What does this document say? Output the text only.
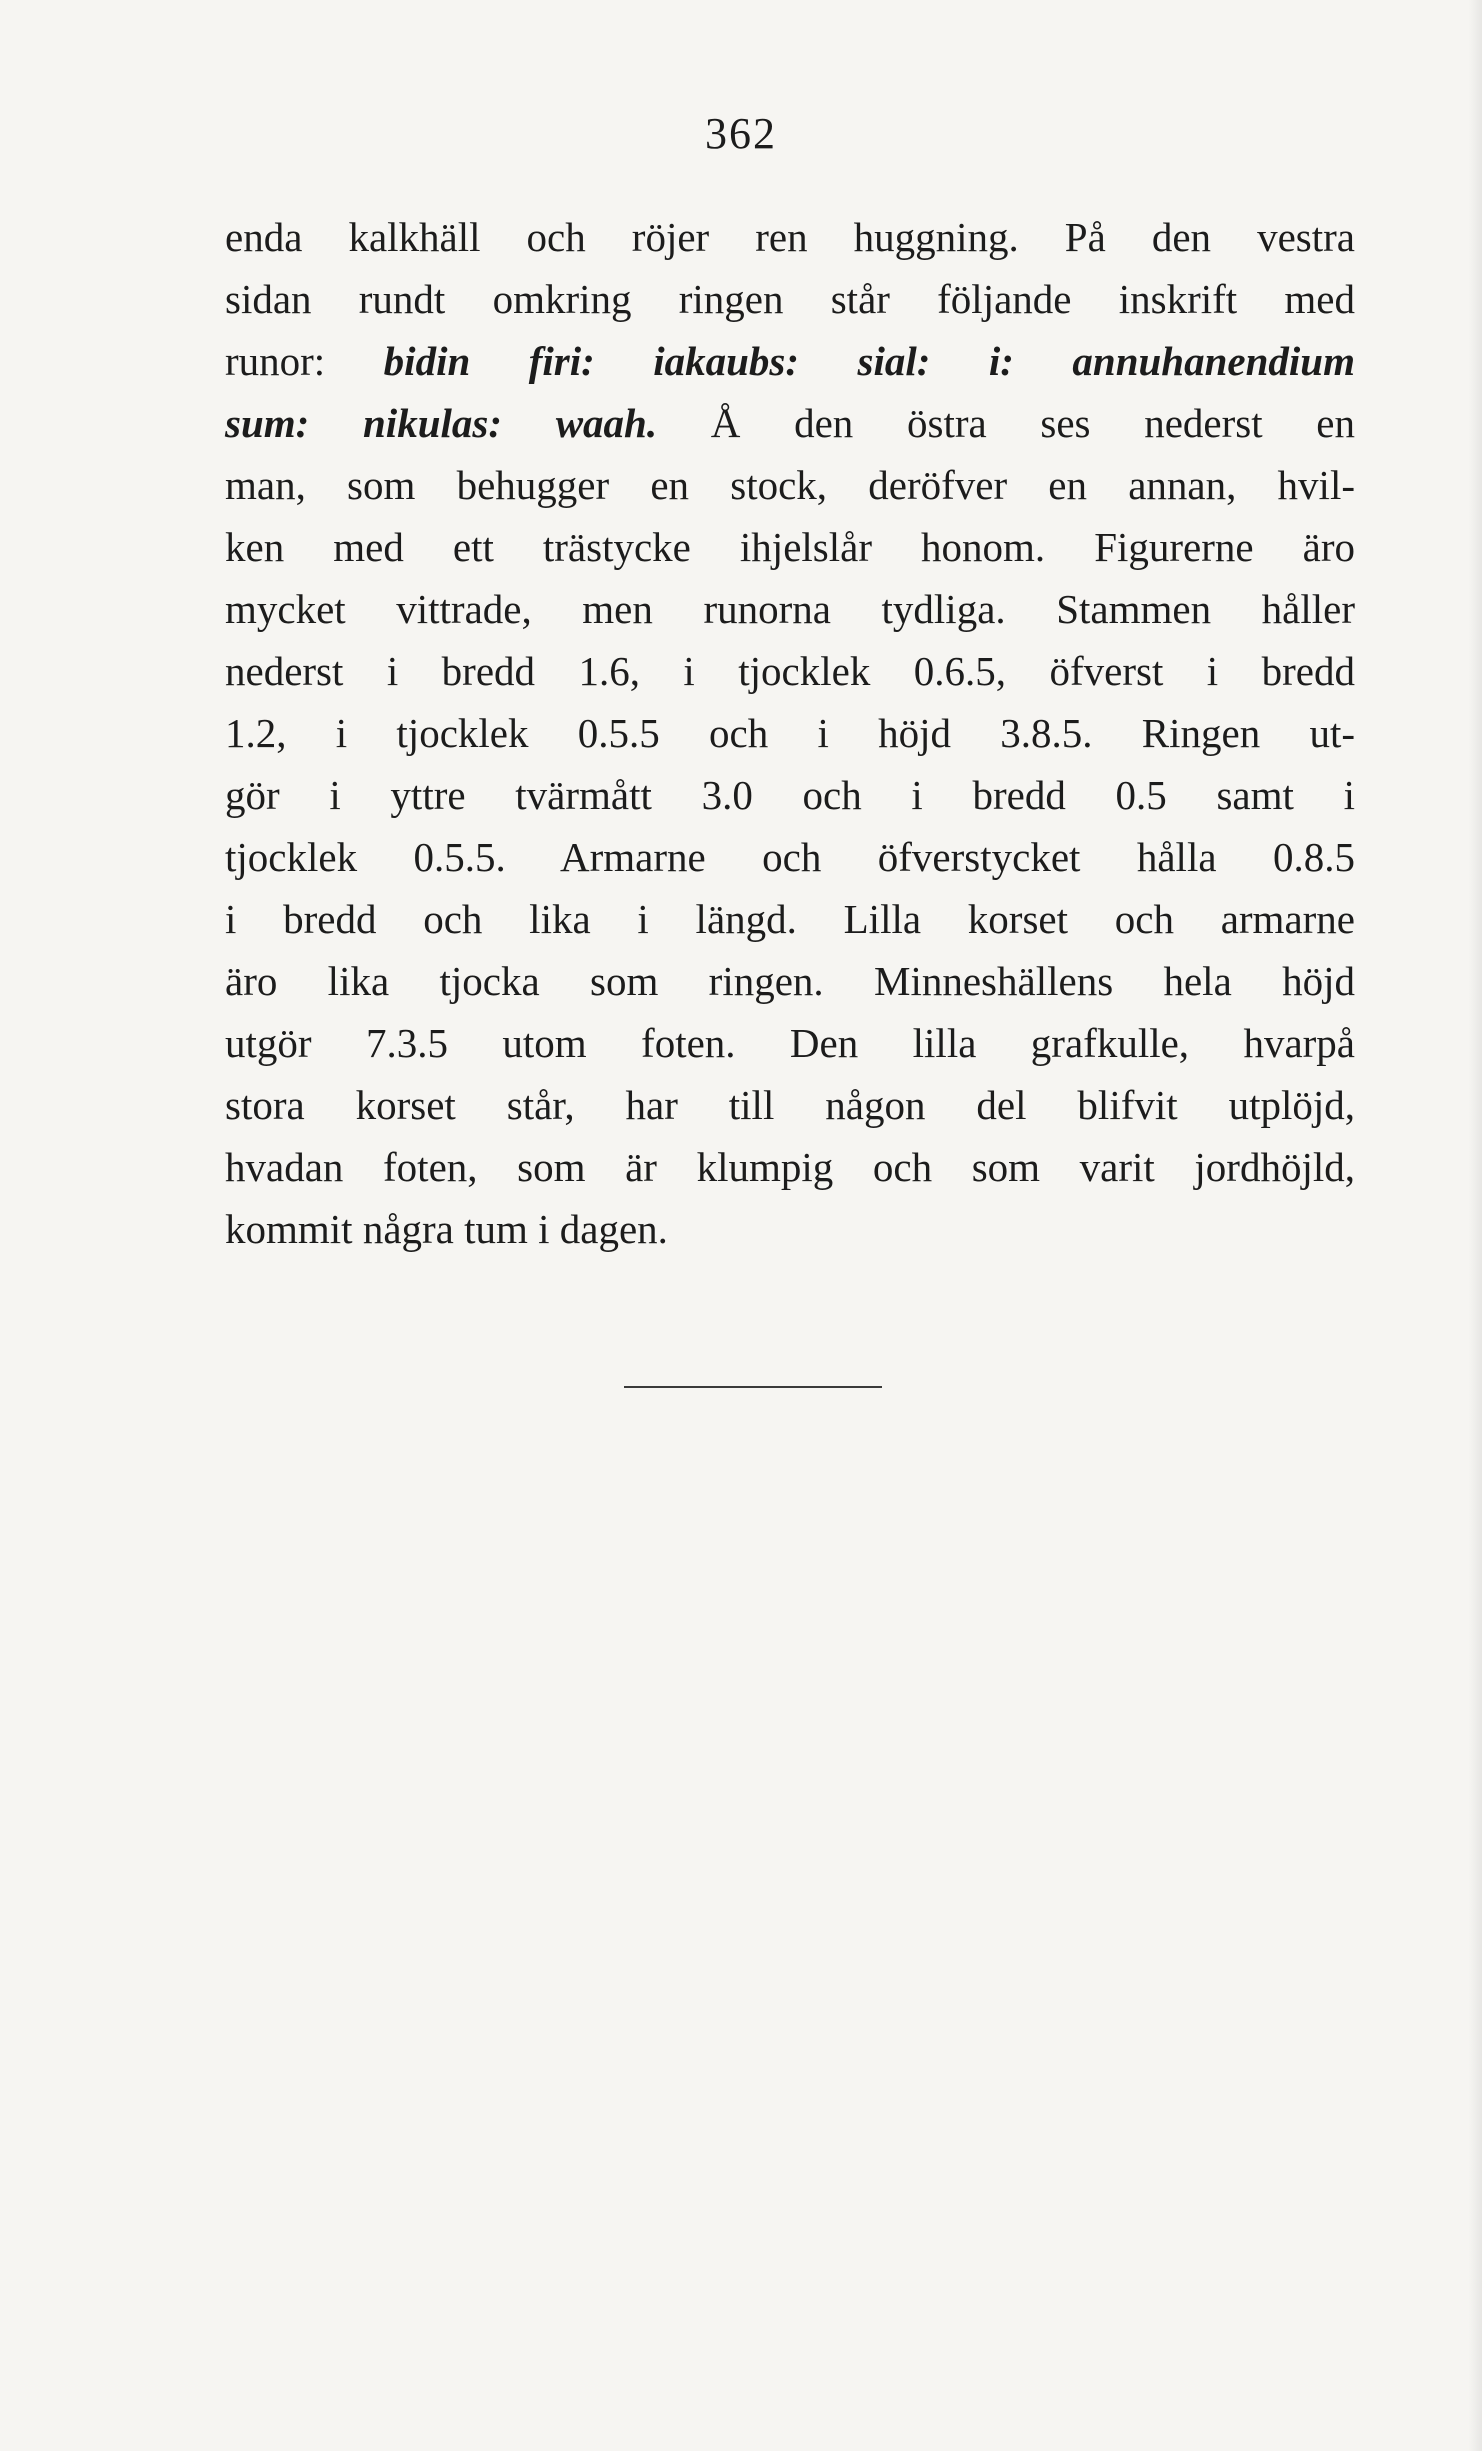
362
enda kalkhäll och röjer ren huggning. På den vestra
sidan rundt omkring ringen står följande inskrift med
runor: bidin firi: iakaubs: sial: i: annuhanendium
sum: nikulas: waah. Å den östra ses nederst en
man, som behugger en stock, deröfver en annan, hvil-
ken med ett trästycke ihjelslår honom. Figurerne äro
mycket vittrade, men runorna tydliga. Stammen håller
nederst i bredd 1.6, i tjocklek 0.6.5, öfverst i bredd
1.2, i tjocklek 0.5.5 och i höjd 3.8.5. Ringen ut-
gör i yttre tvärmått 3.0 och i bredd 0.5 samt i
tjocklek 0.5.5. Armarne och öfverstycket hålla 0.8.5
i bredd och lika i längd. Lilla korset och armarne
äro lika tjocka som ringen. Minneshällens hela höjd
utgör 7.3.5 utom foten. Den lilla grafkulle, hvarpå
stora korset står, har till någon del blifvit utplöjd,
hvadan foten, som är klumpig och som varit jordhöjld,
kommit några tum i dagen.
